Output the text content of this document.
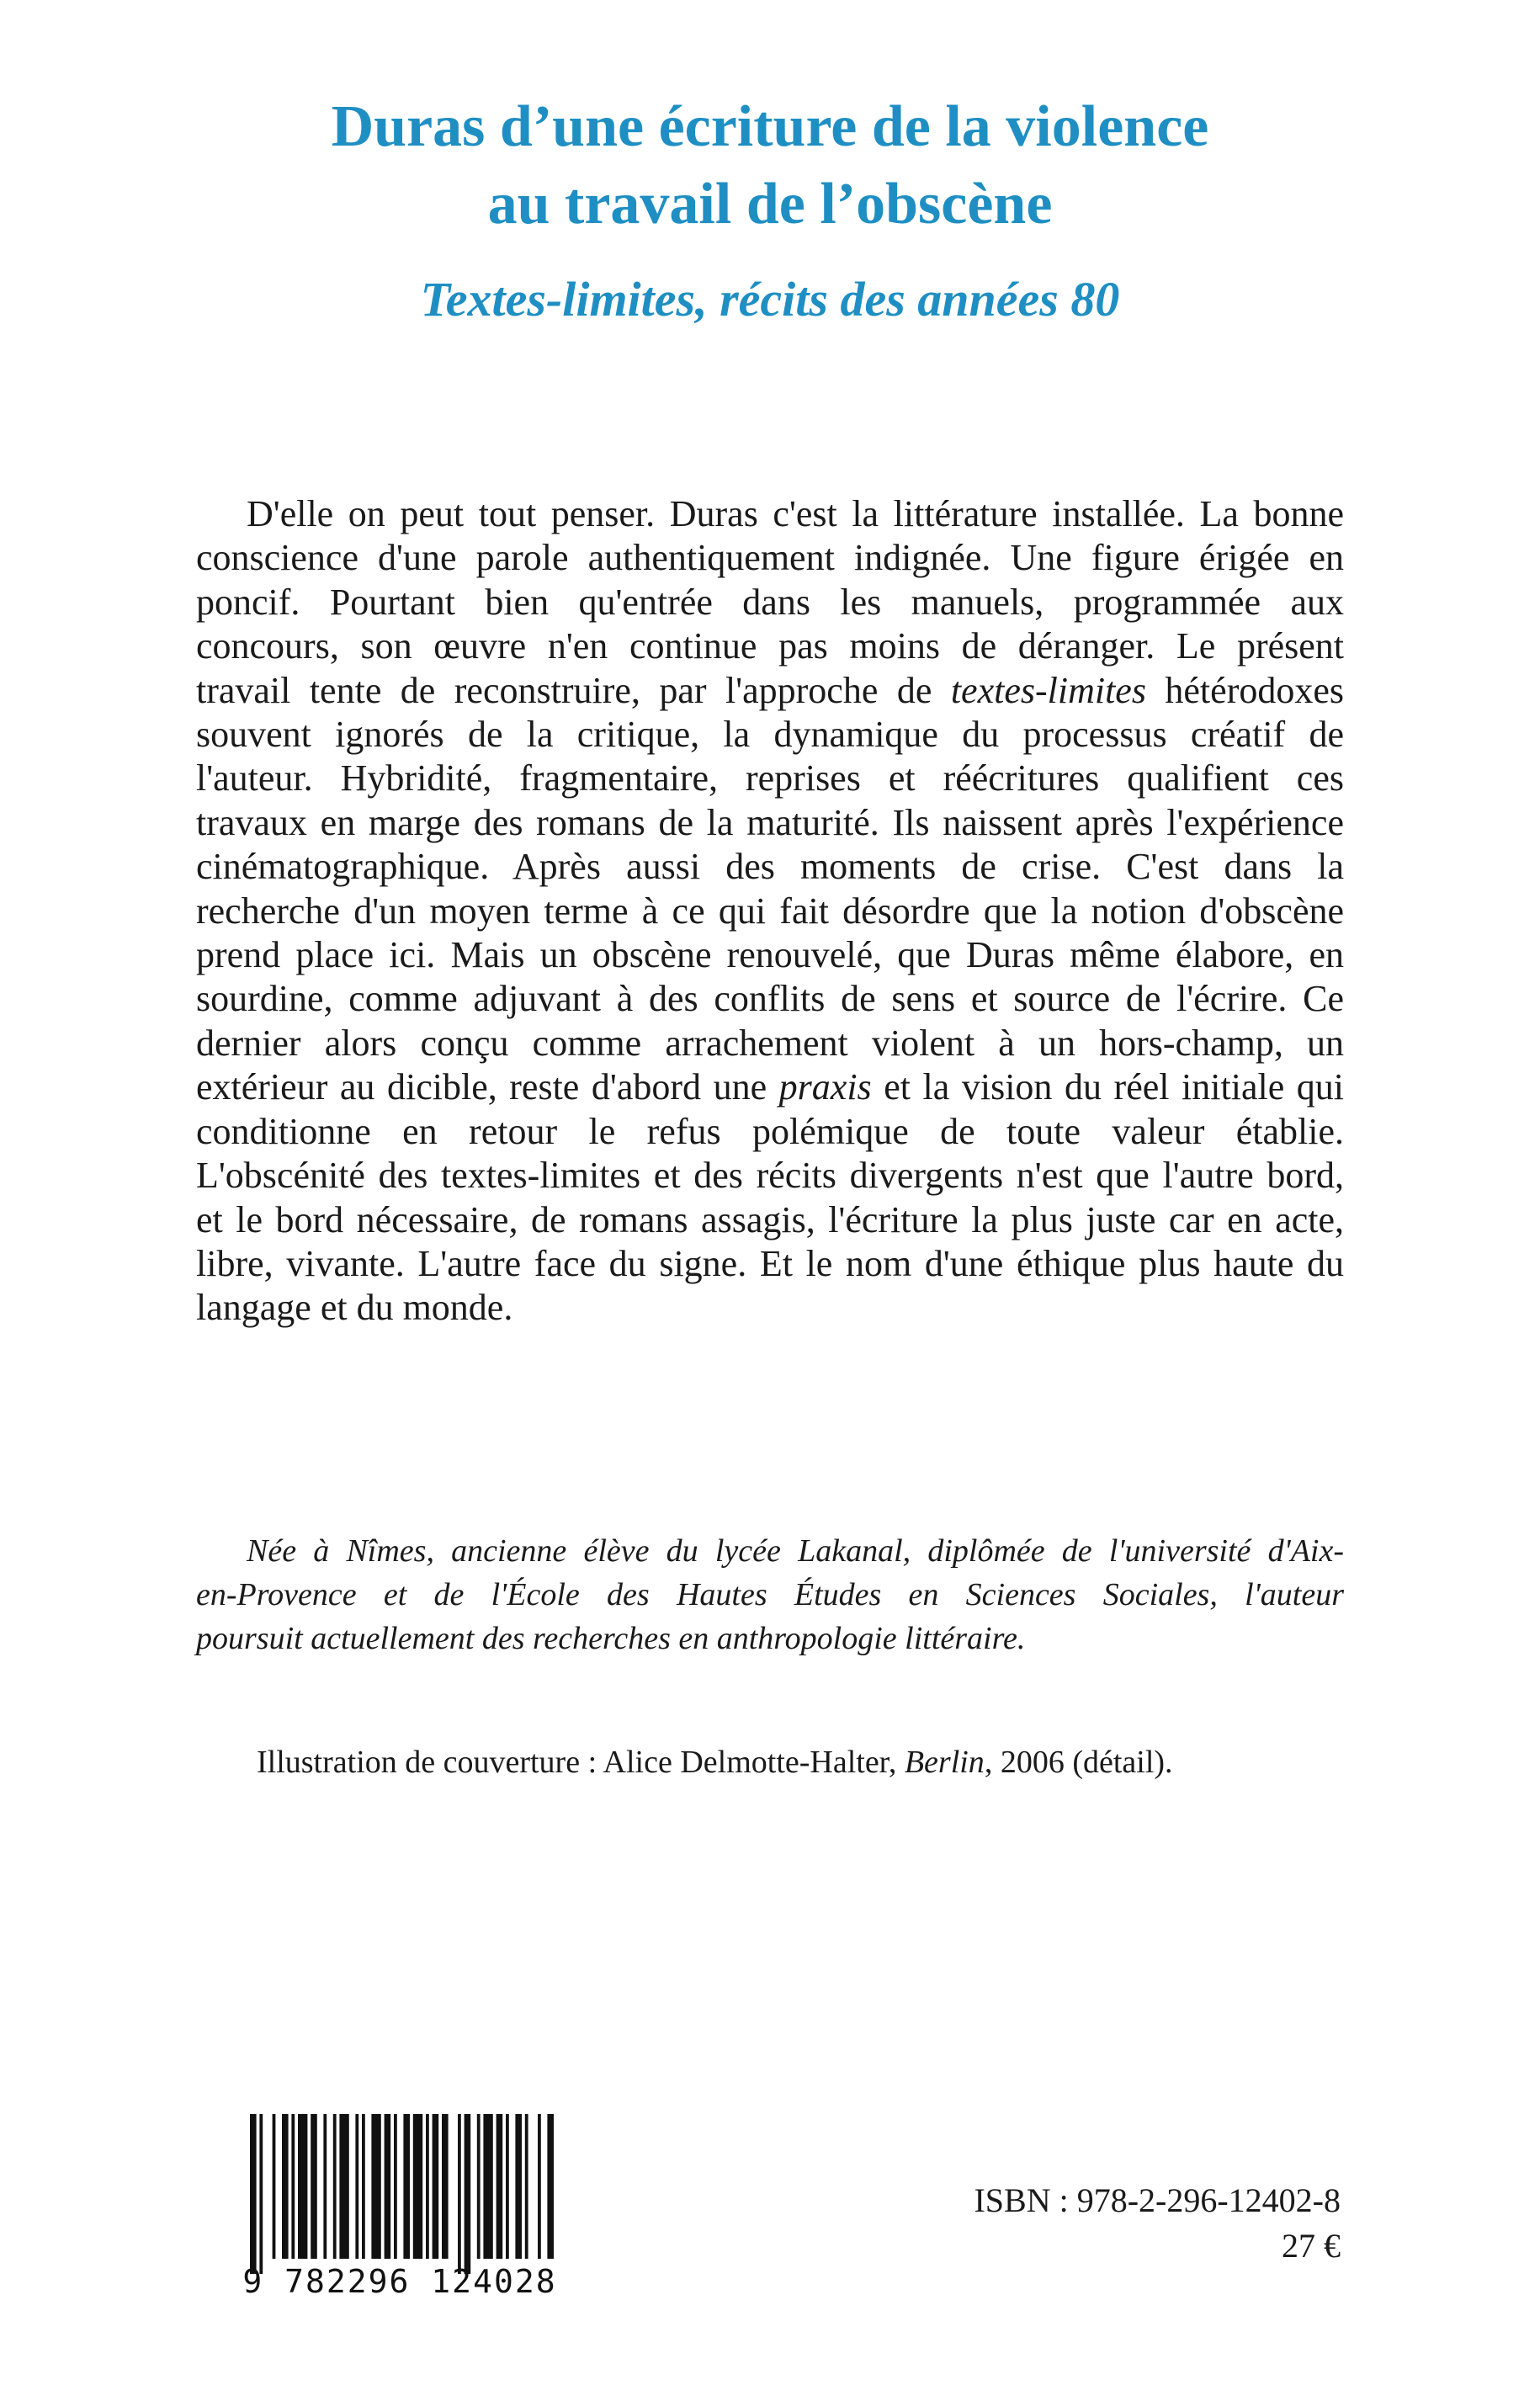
Duras d’une écriture de la violence
au travail de l’obscène
Textes-limites, récits des années 80
D'elle on peut tout penser. Duras c'est la littérature installée. La bonne
conscience d'une parole authentiquement indignée. Une figure érigée en
poncif. Pourtant bien qu'entrée dans les manuels, programmée aux
concours, son œuvre n'en continue pas moins de déranger. Le présent
travail tente de reconstruire, par l'approche de textes-limites hétérodoxes
souvent ignorés de la critique, la dynamique du processus créatif de
l'auteur. Hybridité, fragmentaire, reprises et réécritures qualifient ces
travaux en marge des romans de la maturité. Ils naissent après l'expérience
cinématographique. Après aussi des moments de crise. C'est dans la
recherche d'un moyen terme à ce qui fait désordre que la notion d'obscène
prend place ici. Mais un obscène renouvelé, que Duras même élabore, en
sourdine, comme adjuvant à des conflits de sens et source de l'écrire. Ce
dernier alors conçu comme arrachement violent à un hors-champ, un
extérieur au dicible, reste d'abord une praxis et la vision du réel initiale qui
conditionne en retour le refus polémique de toute valeur établie.
L'obscénité des textes-limites et des récits divergents n'est que l'autre bord,
et le bord nécessaire, de romans assagis, l'écriture la plus juste car en acte,
libre, vivante. L'autre face du signe. Et le nom d'une éthique plus haute du
langage et du monde.
Née à Nîmes, ancienne élève du lycée Lakanal, diplômée de l'université d'Aix-
en-Provence et de l'École des Hautes Études en Sciences Sociales, l'auteur
poursuit actuellement des recherches en anthropologie littéraire.

Illustration de couverture : Alice Delmotte-Halter, Berlin, 2006 (détail).

9 782296 124028

ISBN : 978-2-296-12402-8

27 €
